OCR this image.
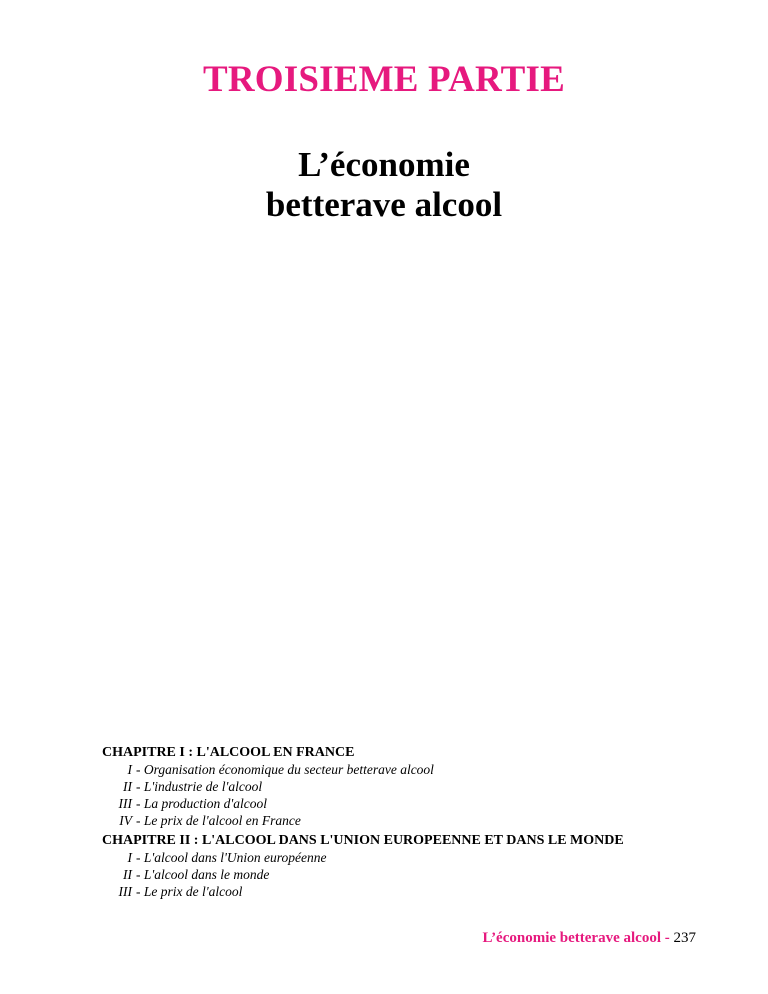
TROISIEME PARTIE
L’économie
betterave alcool

CHAPITRE I : L'ALCOOL EN FRANCE

I - Organisation économique du secteur betterave alcool
II - L'industrie de l'alcool
III - La production d'alcool
IV - Le prix de l'alcool en France

CHAPITRE II : L'ALCOOL DANS L'UNION EUROPEENNE ET DANS LE MONDE

I - L'alcool dans l'Union européenne
II - L'alcool dans le monde
III - Le prix de l'alcool
L’économie betterave alcool - 237
